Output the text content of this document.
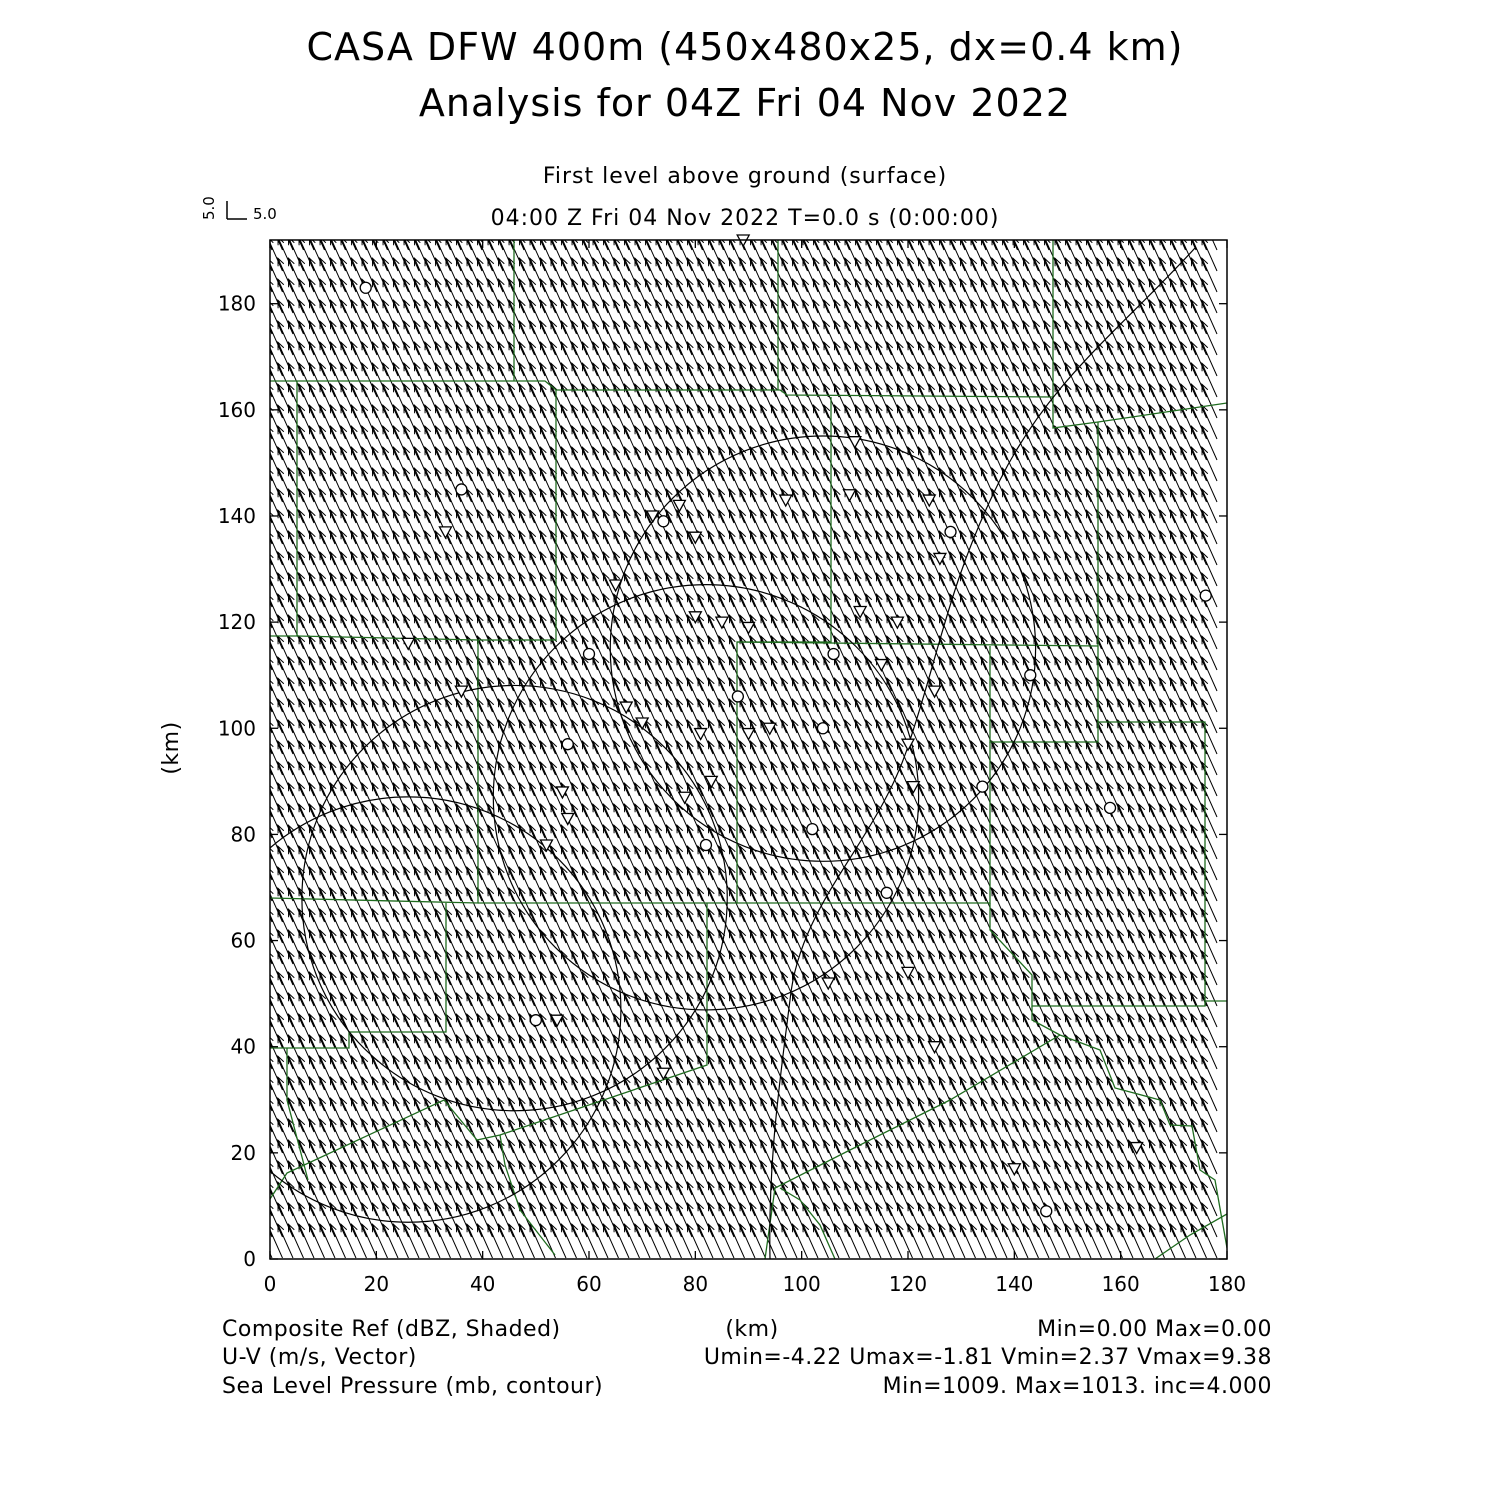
CASA DFW 400m (450x480x25, dx=0.4 km)
Analysis for 04Z Fri 04 Nov 2022
First level above ground (surface)
04:00 Z Fri 04 Nov 2022 T=0.0 s (0:00:00)
5.0 5.0
0	20	40	60	80	100	120	140	160	180
0
20
40
60
80
100
120
140
160
180
(km)
Composite Ref (dBZ, Shaded)
U-V (m/s, Vector)
Sea Level Pressure (mb, contour)
(km)	Min=0.00 Max=0.00
Umin=-4.22 Umax=-1.81 Vmin=2.37 Vmax=9.38
Min=1009. Max=1013. inc=4.000
